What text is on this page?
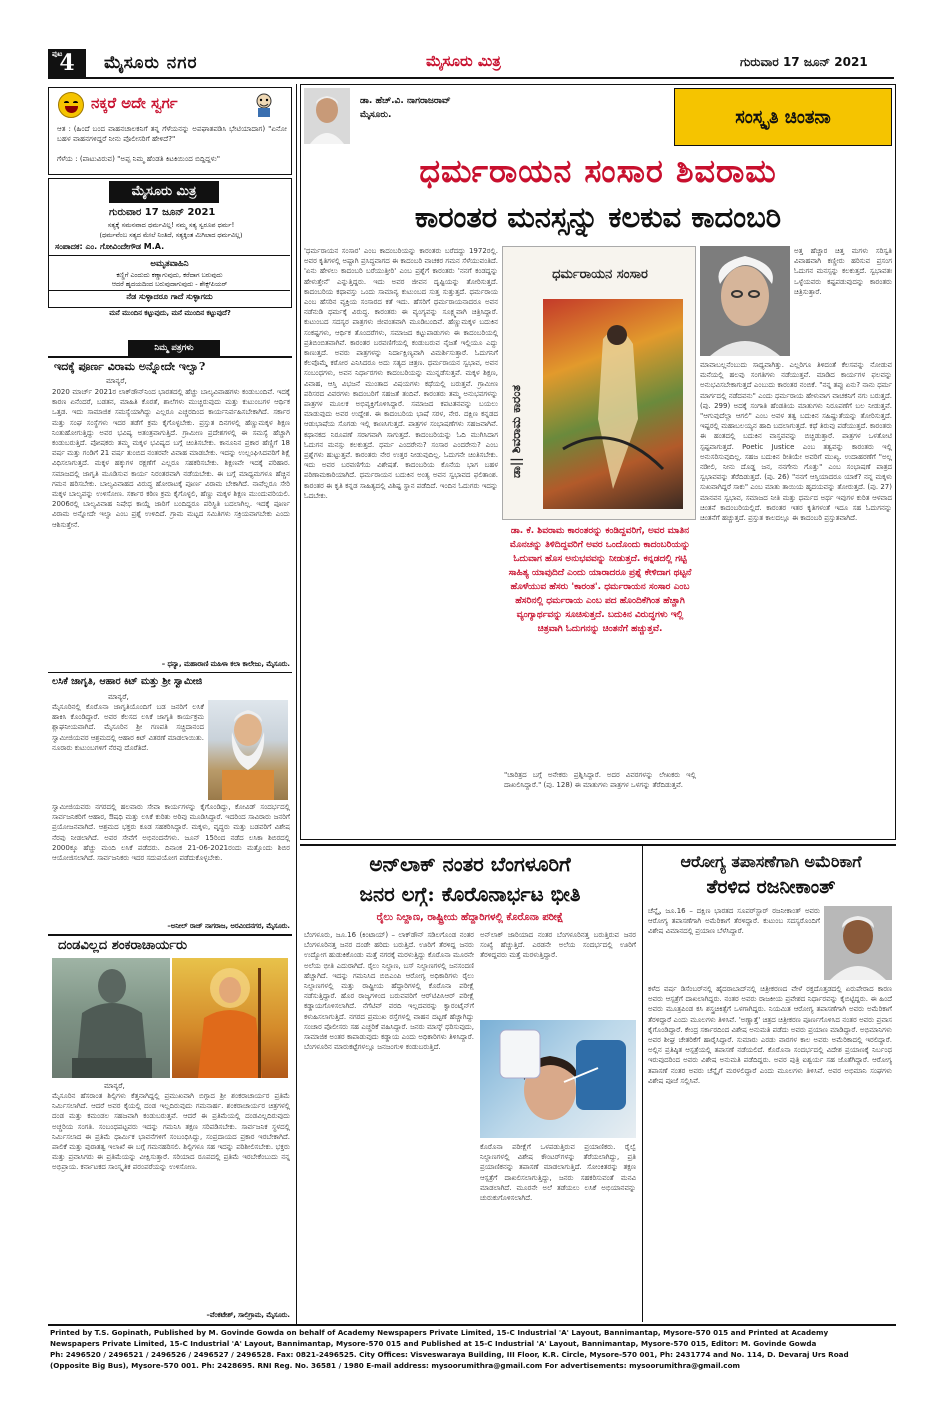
4
ಪುಟ ಮೈಸೂರು ನಗರ	ಮೈಸೂರು ಮಿತ್ರ	ಗುರುವಾರ 17 ಜೂನ್ 2021
ನಕ್ಕರೆ ಅದೇ ಸ್ವರ್ಗ
ಆತ : (ಹಿಂದೆ ಬಂದ ವಾಹನಚಾಲಕನಿಗೆ ತನ್ನ ಗೆಳೆಯನನ್ನು ಅಪಘಾತಪಡಿಸಿ ಭೇಟಿಯಾದಾಗ) "ಏನೋ ಬಹಳ ವಾಹನಗಳಿದ್ದರೆ ನೀನು ಪೊಲೀಸರಿಗೆ ಹೇಳಿದೆ?"
ಗೆಳೆಯ : (ಪಾಟುವಿರುವ) "ಅಪ್ಪ ನಿಮ್ಮ ಹೆಂಡತಿ ಕಿಟಕಿಯಿಂದ ಬಿದ್ದಿದ್ದಳು"
ಮೈಸೂರು ಮಿತ್ರ
ಗುರುವಾರ 17 ಜೂನ್ 2021
ಸತ್ಯಕ್ಕೆ ಸಮನವಾದ ಧರ್ಮವಿಲ್ಲ! ನಮ್ಮ ಸತ್ಯ ಸ್ವರೂಪ ಧರ್ಮ!
(ಧರ್ಮವೆಂಬ ಸತ್ಯದ ಮೇಲೆ ನಿಂತಿದೆ, ಸತ್ಯಕ್ಕಿಂತ ಮಿಗಿಲಾದ ಧರ್ಮವಿಲ್ಲ)
ಸಂಪಾದಕ: ಎಂ. ಗೋವಿಂದೇಗೌಡ M.A.
ಅಮೃತವಾಹಿನಿ
ಕಣ್ಣಿಗೆ ಎಂದುದು ಕಣ್ಣಾಗುವುದು, ಕರೆದಾಗ ಬರುವುದು
ಆದರೆ ಹೃದಯದಿಂದ ಬರುವುದಾಗುವುದು - ಶೇಕ್ಸ್‌ಪಿಯರ್
ನೆಡ ಸುಳ್ಳಾದರೂ ಗಾದೆ ಸುಳ್ಳಾಗದು
ಮನೆ ಮುಂದಿನ ಕಟ್ಟುವುದು, ಮನೆ ಮುಂದಿನ ಕಟ್ಟುವುದೆ?
ನಿಮ್ಮ ಪತ್ರಗಳು
ಇದಕ್ಕೆ ಪೂರ್ಣ ವಿರಾಮ ಅನ್ನೋದೇ ಇಲ್ವಾ?
ಮಾನ್ಯರೆ,
2020 ಮಾರ್ಚ್ 2021ರ ಲಾಕ್‌ಡೌನ್‌ನಿಂದ ಭಾರತದಲ್ಲಿ ಹೆಚ್ಚು ಬಾಲ್ಯವಿವಾಹಗಳು ಕಂಡುಬಂದಿವೆ. ಇದಕ್ಕೆ ಕಾರಣ ಏನೆಂದರೆ, ಬಡತನ, ಮಾಹಿತಿ ಕೊರತೆ, ಶಾಲೆಗಳು ಮುಚ್ಚಿರುವುದು ಮತ್ತು ಕುಟುಂಬಗಳ ಆರ್ಥಿಕ ಒತ್ತಡ. ಇದು ಸಾಮಾಜಿಕ ಸಮಸ್ಯೆಯಾಗಿದ್ದು ಎಲ್ಲರೂ ಎಚ್ಚರದಿಂದ ಕಾರ್ಯನಿರ್ವಹಿಸಬೇಕಾಗಿದೆ. ಸರ್ಕಾರ ಮತ್ತು ಸಂಘ ಸಂಸ್ಥೆಗಳು ಇದರ ತಡೆಗೆ ಕ್ರಮ ಕೈಗೊಳ್ಳಬೇಕು. ಪ್ರಸ್ತುತ ದಿನಗಳಲ್ಲಿ ಹೆಣ್ಣುಮಕ್ಕಳ ಶಿಕ್ಷಣ ನಿಂತುಹೋಗುತ್ತಿದ್ದು ಅವರ ಭವಿಷ್ಯ ಅತಂತ್ರವಾಗುತ್ತಿದೆ. ಗ್ರಾಮೀಣ ಪ್ರದೇಶಗಳಲ್ಲಿ ಈ ಸಮಸ್ಯೆ ಹೆಚ್ಚಾಗಿ ಕಂಡುಬರುತ್ತಿದೆ. ಪೋಷಕರು ತಮ್ಮ ಮಕ್ಕಳ ಭವಿಷ್ಯದ ಬಗ್ಗೆ ಚಿಂತಿಸಬೇಕು. ಕಾನೂನಿನ ಪ್ರಕಾರ ಹೆಣ್ಣಿಗೆ 18 ವರ್ಷ ಮತ್ತು ಗಂಡಿಗೆ 21 ವರ್ಷ ತುಂಬಿದ ನಂತರವೇ ವಿವಾಹ ಮಾಡಬೇಕು. ಇದನ್ನು ಉಲ್ಲಂಘಿಸಿದವರಿಗೆ ಶಿಕ್ಷೆ ವಿಧಿಸಲಾಗುತ್ತದೆ. ಮಕ್ಕಳ ಹಕ್ಕುಗಳ ರಕ್ಷಣೆಗೆ ಎಲ್ಲರೂ ಸಹಕರಿಸಬೇಕು. ಶಿಕ್ಷಣವೇ ಇದಕ್ಕೆ ಪರಿಹಾರ. ಸಮಾಜದಲ್ಲಿ ಜಾಗೃತಿ ಮೂಡಿಸುವ ಕಾರ್ಯ ನಿರಂತರವಾಗಿ ನಡೆಯಬೇಕು. ಈ ಬಗ್ಗೆ ಮಾಧ್ಯಮಗಳೂ ಹೆಚ್ಚಿನ ಗಮನ ಹರಿಸಬೇಕು. ಬಾಲ್ಯವಿವಾಹದ ವಿರುದ್ಧ ಹೋರಾಟಕ್ಕೆ ಪೂರ್ಣ ವಿರಾಮ ಬೇಕಾಗಿದೆ. ನಾವೆಲ್ಲರೂ ಸೇರಿ ಮಕ್ಕಳ ಬಾಲ್ಯವನ್ನು ಉಳಿಸೋಣ. ಸರ್ಕಾರ ಕಠಿಣ ಕ್ರಮ ಕೈಗೊಳ್ಳಲಿ, ಹೆಣ್ಣು ಮಕ್ಕಳ ಶಿಕ್ಷಣ ಮುಂದುವರಿಯಲಿ. 2006ರಲ್ಲಿ ಬಾಲ್ಯವಿವಾಹ ನಿಷೇಧ ಕಾಯ್ದೆ ಜಾರಿಗೆ ಬಂದಿದ್ದರೂ ಪರಿಸ್ಥಿತಿ ಬದಲಾಗಿಲ್ಲ. ಇದಕ್ಕೆ ಪೂರ್ಣ ವಿರಾಮ ಅನ್ನೋದೇ ಇಲ್ವಾ ಎಂಬ ಪ್ರಶ್ನೆ ಉಳಿದಿದೆ. ಗ್ರಾಮ ಮಟ್ಟದ ಸಮಿತಿಗಳು ಸಕ್ರಿಯವಾಗಬೇಕು ಎಂದು ಆಶಿಸುತ್ತೇನೆ.
– ಧನ್ಯಾ, ಮಹಾರಾಣಿ ಮಹಿಳಾ ಕಲಾ ಕಾಲೇಜು, ಮೈಸೂರು.
ಲಸಿಕೆ ಜಾಗೃತಿ, ಆಹಾರ ಕಿಟ್ ಮತ್ತು ಶ್ರೀ ಸ್ವಾಮೀಜಿ
ಮಾನ್ಯರೆ,
ಮೈಸೂರಿನಲ್ಲಿ ಕೊರೊನಾ ಜಾಗೃತಿಯೊಂದಿಗೆ ಬಡ ಜನರಿಗೆ ಲಸಿಕೆ ಹಾಕಿಸಿ ಕೊಂಡಿದ್ದಾರೆ. ಅವರ ಕೆಲಸದ ಲಸಿಕೆ ಜಾಗೃತಿ ಕಾರ್ಯಕ್ರಮ ಶ್ಲಾಘನೀಯವಾಗಿದೆ. ಮೈಸೂರಿನ ಶ್ರೀ ಗಣಪತಿ ಸಚ್ಚಿದಾನಂದ ಸ್ವಾಮೀಜಿಯವರ ಆಶ್ರಮದಲ್ಲಿ ಆಹಾರ ಕಿಟ್ ವಿತರಣೆ ಮಾಡಲಾಯಿತು. ನೂರಾರು ಕುಟುಂಬಗಳಿಗೆ ನೆರವು ದೊರೆತಿದೆ.
ಸ್ವಾಮೀಜಿಯವರು ನಗರದಲ್ಲಿ ಹಲವಾರು ಸೇವಾ ಕಾರ್ಯಗಳನ್ನು ಕೈಗೊಂಡಿದ್ದು, ಕೋವಿಡ್ ಸಂದರ್ಭದಲ್ಲಿ ಸಾರ್ವಜನಿಕರಿಗೆ ಆಹಾರ, ಔಷಧಿ ಮತ್ತು ಲಸಿಕೆ ಕುರಿತು ಅರಿವು ಮೂಡಿಸಿದ್ದಾರೆ. ಇದರಿಂದ ಸಾವಿರಾರು ಜನರಿಗೆ ಪ್ರಯೋಜನವಾಗಿದೆ. ಆಶ್ರಮದ ಭಕ್ತರು ಕೂಡ ಸಹಕರಿಸಿದ್ದಾರೆ. ಮಕ್ಕಳು, ವೃದ್ಧರು ಮತ್ತು ಬಡವರಿಗೆ ವಿಶೇಷ ನೆರವು ನೀಡಲಾಗಿದೆ. ಅವರ ಸೇವೆಗೆ ಅಭಿನಂದನೆಗಳು. ಜೂನ್ 15ರಿಂದ ನಡೆದ ಲಸಿಕಾ ಶಿಬಿರದಲ್ಲಿ 2000ಕ್ಕೂ ಹೆಚ್ಚು ಮಂದಿ ಲಸಿಕೆ ಪಡೆದರು. ದಿನಾಂಕ 21-06-2021ರಂದು ಮತ್ತೊಂದು ಶಿಬಿರ ಆಯೋಜಿಸಲಾಗಿದೆ. ಸಾರ್ವಜನಿಕರು ಇದರ ಸದುಪಯೋಗ ಪಡೆದುಕೊಳ್ಳಬೇಕು.
–ಅನೀಲ್ ರಾಜ್ ನಾಗರಾಜ, ಅರವಿಂದನಗರ, ಮೈಸೂರು.
ದಂಡವಿಲ್ಲದ ಶಂಕರಾಚಾರ್ಯರು
ಮಾನ್ಯರೆ,
ಮೈಸೂರಿನ ಹೆಸರಾಂತ ಶಿಲ್ಪಿಗಳು ಕೆತ್ತನಾಗಿದ್ದಲ್ಲಿ ಪ್ರಮುಖವಾಗಿ ಬಿಗ್ಗಾದ ಶ್ರೀ ಶಂಕರಾಚಾರ್ಯರ ಪ್ರತಿಮೆ ನಿರ್ಮಿಸಲಾಗಿದೆ. ಆದರೆ ಅವರ ಕೈಯಲ್ಲಿ ದಂಡ ಇಲ್ಲದಿರುವುದು ಗಮನಾರ್ಹ. ಶಂಕರಾಚಾರ್ಯರ ಚಿತ್ರಗಳಲ್ಲಿ ದಂಡ ಮತ್ತು ಕಮಂಡಲ ಸಹಜವಾಗಿ ಕಂಡುಬರುತ್ತವೆ. ಆದರೆ ಈ ಪ್ರತಿಮೆಯಲ್ಲಿ ದಂಡವಿಲ್ಲದಿರುವುದು ಅಚ್ಚರಿಯ ಸಂಗತಿ. ಸಂಬಂಧಪಟ್ಟವರು ಇದನ್ನು ಗಮನಿಸಿ ತಕ್ಷಣ ಸರಿಪಡಿಸಬೇಕು. ಸಾರ್ವಜನಿಕ ಸ್ಥಳದಲ್ಲಿ ನಿರ್ಮಿಸಲಾದ ಈ ಪ್ರತಿಮೆ ಧಾರ್ಮಿಕ ಭಾವನೆಗಳಿಗೆ ಸಂಬಂಧಿಸಿದ್ದು, ಸಂಪ್ರದಾಯದ ಪ್ರಕಾರ ಇರಬೇಕಾಗಿದೆ. ಪಾಲಿಕೆ ಮತ್ತು ಪುರಾತತ್ವ ಇಲಾಖೆ ಈ ಬಗ್ಗೆ ಗಮನಹರಿಸಲಿ. ಶಿಲ್ಪಿಗಳೂ ಸಹ ಇದನ್ನು ಪರಿಶೀಲಿಸಬೇಕು. ಭಕ್ತರು ಮತ್ತು ಪ್ರವಾಸಿಗರು ಈ ಪ್ರತಿಮೆಯನ್ನು ವೀಕ್ಷಿಸುತ್ತಾರೆ. ಸರಿಯಾದ ರೂಪದಲ್ಲಿ ಪ್ರತಿಮೆ ಇರಬೇಕೆಂಬುದು ನನ್ನ ಅಭಿಪ್ರಾಯ. ಕರ್ನಾಟಕದ ಸಾಂಸ್ಕೃತಿಕ ಪರಂಪರೆಯನ್ನು ಉಳಿಸೋಣ.
–ವೆಂಕಟೇಶ್, ಸಾಲಿಗ್ರಾಮ, ಮೈಸೂರು.
ಡಾ. ಹೆಚ್.ವಿ. ನಾಗರಾಜರಾವ್
ಮೈಸೂರು.	ಸಂಸ್ಕೃತಿ ಚಿಂತನಾ
ಧರ್ಮರಾಯನ ಸಂಸಾರ ಶಿವರಾಮ
ಕಾರಂತರ ಮನಸ್ಸನ್ನು ಕಲಕುವ ಕಾದಂಬರಿ
'ಧರ್ಮರಾಯನ ಸಂಸಾರ' ಎಂಬ ಕಾದಂಬರಿಯನ್ನು ಕಾರಂತರು ಬರೆದದ್ದು 1972ರಲ್ಲಿ. ಅವರ ಕೃತಿಗಳಲ್ಲಿ ಅಷ್ಟಾಗಿ ಪ್ರಸಿದ್ಧವಾಗದ ಈ ಕಾದಂಬರಿ ವಾಚಕರ ಗಮನ ಸೆಳೆಯುವಂತಿದೆ. 'ಏನು ಹೇಳಲು ಕಾದಂಬರಿ ಬರೆಯುತ್ತೀರಿ' ಎಂಬ ಪ್ರಶ್ನೆಗೆ ಕಾರಂತರು 'ನನಗೆ ಕಂಡದ್ದನ್ನು ಹೇಳುತ್ತೇನೆ' ಎನ್ನುತ್ತಿದ್ದರು. ಇದು ಅವರ ಜೀವನ ದೃಷ್ಟಿಯನ್ನು ತೋರಿಸುತ್ತದೆ. ಕಾದಂಬರಿಯ ಕಥಾವಸ್ತು ಒಂದು ಸಾಮಾನ್ಯ ಕುಟುಂಬದ ಸುತ್ತ ಸುತ್ತುತ್ತದೆ. ಧರ್ಮರಾಯ ಎಂಬ ಹೆಸರಿನ ವ್ಯಕ್ತಿಯ ಸಂಸಾರದ ಕತೆ ಇದು. ಹೆಸರಿಗೆ ಧರ್ಮರಾಯನಾದರೂ ಅವನ ನಡೆನುಡಿ ಧರ್ಮಕ್ಕೆ ವಿರುದ್ಧ. ಕಾರಂತರು ಈ ವ್ಯಂಗ್ಯವನ್ನು ಸೂಕ್ಷ್ಮವಾಗಿ ಚಿತ್ರಿಸಿದ್ದಾರೆ. ಕುಟುಂಬದ ಸದಸ್ಯರ ಪಾತ್ರಗಳು ಜೀವಂತವಾಗಿ ಮೂಡಿಬಂದಿವೆ. ಹೆಣ್ಣುಮಕ್ಕಳ ಬದುಕಿನ ಸಂಕಷ್ಟಗಳು, ಆರ್ಥಿಕ ತೊಂದರೆಗಳು, ಸಮಾಜದ ಕಟ್ಟುಪಾಡುಗಳು ಈ ಕಾದಂಬರಿಯಲ್ಲಿ ಪ್ರತಿಬಿಂಬಿತವಾಗಿವೆ. ಕಾರಂತರ ಬರವಣಿಗೆಯಲ್ಲಿ ಕಂಡುಬರುವ ನೈಜತೆ ಇಲ್ಲಿಯೂ ಎದ್ದು ಕಾಣುತ್ತದೆ. ಅವರು ಪಾತ್ರಗಳನ್ನು ನಿರ್ದಾಕ್ಷಿಣ್ಯವಾಗಿ ವಿಮರ್ಶಿಸುತ್ತಾರೆ. ಓದುಗನಿಗೆ ಕೆಲವೊಮ್ಮೆ ಕಠೋರ ಎನಿಸಿದರೂ ಅದು ಸತ್ಯದ ಚಿತ್ರಣ. ಧರ್ಮರಾಯನ ಸ್ವಭಾವ, ಅವನ ಸಂಬಂಧಗಳು, ಅವನ ನಿರ್ಧಾರಗಳು ಕಾದಂಬರಿಯನ್ನು ಮುನ್ನಡೆಸುತ್ತವೆ. ಮಕ್ಕಳ ಶಿಕ್ಷಣ, ವಿವಾಹ, ಆಸ್ತಿ ವಿಭಜನೆ ಮುಂತಾದ ವಿಷಯಗಳು ಕಥೆಯಲ್ಲಿ ಬರುತ್ತವೆ. ಗ್ರಾಮೀಣ ಪರಿಸರದ ವಿವರಗಳು ಕಾದಂಬರಿಗೆ ಸಹಜತೆ ತಂದಿವೆ. ಕಾರಂತರು ತಮ್ಮ ಅನುಭವಗಳನ್ನು ಪಾತ್ರಗಳ ಮೂಲಕ ಅಭಿವ್ಯಕ್ತಿಗೊಳಿಸಿದ್ದಾರೆ. ಸಮಾಜದ ಕಪಟತನವನ್ನು ಬಯಲು ಮಾಡುವುದು ಅವರ ಉದ್ದೇಶ. ಈ ಕಾದಂಬರಿಯ ಭಾಷೆ ಸರಳ, ನೇರ. ದಕ್ಷಿಣ ಕನ್ನಡದ ಆಡುಭಾಷೆಯ ಸೊಗಡು ಇಲ್ಲಿ ಕಾಣಸಿಗುತ್ತದೆ. ಪಾತ್ರಗಳ ಸಂಭಾಷಣೆಗಳು ಸಹಜವಾಗಿವೆ. ಕಥಾನಕದ ನಿರೂಪಣೆ ಸರಾಗವಾಗಿ ಸಾಗುತ್ತದೆ. ಕಾದಂಬರಿಯನ್ನು ಓದಿ ಮುಗಿಸಿದಾಗ ಓದುಗನ ಮನಸ್ಸು ಕಲಕುತ್ತದೆ. ಧರ್ಮ ಎಂದರೇನು? ಸಂಸಾರ ಎಂದರೇನು? ಎಂಬ ಪ್ರಶ್ನೆಗಳು ಹುಟ್ಟುತ್ತವೆ. ಕಾರಂತರು ನೇರ ಉತ್ತರ ನೀಡುವುದಿಲ್ಲ. ಓದುಗನೇ ಚಿಂತಿಸಬೇಕು. ಇದು ಅವರ ಬರವಣಿಗೆಯ ವಿಶೇಷತೆ. ಕಾದಂಬರಿಯ ಕೊನೆಯ ಭಾಗ ಬಹಳ ಪರಿಣಾಮಕಾರಿಯಾಗಿದೆ. ಧರ್ಮರಾಯನ ಬದುಕಿನ ಅಂತ್ಯ ಅವನ ಸ್ವಭಾವದ ಫಲಿತಾಂಶ. ಕಾರಂತರ ಈ ಕೃತಿ ಕನ್ನಡ ಸಾಹಿತ್ಯದಲ್ಲಿ ವಿಶಿಷ್ಟ ಸ್ಥಾನ ಪಡೆದಿದೆ. ಇಂದಿನ ಓದುಗರು ಇದನ್ನು ಓದಬೇಕು.
ಧರ್ಮರಾಯನ ಸಂಸಾರ
ಡಾ|| ಶಿವರಾಮ ಕಾರಂತ
ಅತ್ತ ಹೆಚ್ಚಾರ ಚಿತ್ತ ಮಗಳು ಸರಿಸ್ವತಿ ವಿವಾಹವಾಗಿ ಕಣ್ಣೀರು ಹರಿಸುವ ಪ್ರಸಂಗ ಓದುಗನ ಮನಸ್ಸನ್ನು ಕಲಕುತ್ತದೆ. ಸ್ವಭಾವತಃ ಒಳ್ಳೆಯವರು ಕಷ್ಟಪಡುವುದನ್ನು ಕಾರಂತರು ಚಿತ್ರಿಸುತ್ತಾರೆ.
ಮಾವಾಬಲ್ಲನೆಂಬುದು ಸಾಧ್ಯವಾಗಿತ್ತು. ಎಲ್ಲರಿಗೂ ತಿಳಿದಂತೆ ಕೆಲಸವನ್ನು ನೋಡುವ ಮನೆಯಲ್ಲಿ ಹಲವು ಸಂಗತಿಗಳು ನಡೆಯುತ್ತವೆ. ಮಾಡಿದ ಕಾರ್ಯಗಳ ಫಲವನ್ನು ಅನುಭವಿಸಬೇಕಾಗುತ್ತದೆ ಎಂಬುದು ಕಾರಂತರ ನಂಬಿಕೆ. "ನನ್ನ ತಪ್ಪು ಏನು? ನಾನು ಧರ್ಮ ಮಾರ್ಗದಲ್ಲಿ ನಡೆದವನು" ಎಂದು ಧರ್ಮರಾಯ ಹೇಳುವಾಗ ವಾಚಕನಿಗೆ ನಗು ಬರುತ್ತದೆ. (ಪು. 299) ಅದಕ್ಕೆ ಸಂಗಾತಿ ಹೆಂಡತಿಯ ಮಾತುಗಳು ನಿರೂಪಣೆಗೆ ಬಲ ನೀಡುತ್ತವೆ. "ಆಗುವುದೆಲ್ಲಾ ಆಗಲಿ" ಎಂಬ ಅವಳ ತತ್ವ ಬದುಕಿನ ಸಹಿಷ್ಣುತೆಯನ್ನು ತೋರಿಸುತ್ತದೆ. ಇಷ್ಟರಲ್ಲಿ ಮಹಾಬಲಯ್ಯನ ಹಾದಿ ಬದಲಾಗುತ್ತದೆ. ಕಥೆ ತಿರುವು ಪಡೆಯುತ್ತದೆ. ಕಾರಂತರು ಈ ಹಂತದಲ್ಲಿ ಬದುಕಿನ ವಾಸ್ತವವನ್ನು ಬಿಚ್ಚಿಡುತ್ತಾರೆ. ಪಾತ್ರಗಳ ಒಳತೋಟಿ ಸ್ಪಷ್ಟವಾಗುತ್ತದೆ. Poetic Justice ಎಂಬ ತತ್ವವನ್ನು ಕಾರಂತರು ಇಲ್ಲಿ ಅನುಸರಿಸುವುದಿಲ್ಲ. ಸಹಜ ಬದುಕಿನ ರೀತಿಯೇ ಅವರಿಗೆ ಮುಖ್ಯ. ಉದಾಹರಣೆಗೆ "ಅಲ್ಲ ನಡೀಲಿ, ನೀನು ದೊಡ್ಡ ಜನ, ನನಗೇನು ಗೊತ್ತು" ಎಂಬ ಸಂಭಾಷಣೆ ಪಾತ್ರದ ಸ್ವಭಾವವನ್ನು ತೆರೆದಿಡುತ್ತದೆ. (ಪು. 26) "ನನಗೆ ಆಸ್ತಿಯಾದರೂ ಯಾಕೆ? ನನ್ನ ಮಕ್ಕಳು ಸುಖವಾಗಿದ್ದರೆ ಸಾಕು" ಎಂಬ ಮಾತು ತಾಯಿಯ ಹೃದಯವನ್ನು ತೋರುತ್ತದೆ. (ಪು. 27) ಮಾನವನ ಸ್ವಭಾವ, ಸಮಾಜದ ನೀತಿ ಮತ್ತು ಧರ್ಮದ ಅರ್ಥ ಇವುಗಳ ಕುರಿತ ಆಳವಾದ ಚಿಂತನೆ ಕಾದಂಬರಿಯಲ್ಲಿದೆ. ಕಾರಂತರ ಇತರ ಕೃತಿಗಳಂತೆ ಇದೂ ಸಹ ಓದುಗನನ್ನು ಚಿಂತನೆಗೆ ಹಚ್ಚುತ್ತದೆ. ಪ್ರಸ್ತುತ ಕಾಲದಲ್ಲೂ ಈ ಕಾದಂಬರಿ ಪ್ರಸ್ತುತವಾಗಿದೆ.
ಡಾ. ಕೆ. ಶಿವರಾಮ ಕಾರಂತರನ್ನು ಕಂಡಿದ್ದವರಿಗೆ, ಅವರ ಮಾತಿನ ಮೊನಚನ್ನು ತಿಳಿದಿದ್ದವರಿಗೆ ಅವರ ಒಂದೊಂದು ಕಾದಂಬರಿಯನ್ನು ಓದುವಾಗ ಹೊಸ ಅನುಭವವನ್ನು ನೀಡುತ್ತದೆ. ಕನ್ನಡದಲ್ಲಿ ಗಟ್ಟಿ ಸಾಹಿತ್ಯ ಯಾವುದಿದೆ ಎಂದು ಯಾರಾದರೂ ಪ್ರಶ್ನೆ ಕೇಳಿದಾಗ ಥಟ್ಟನೆ ಹೊಳೆಯುವ ಹೆಸರು 'ಕಾರಂತ'. ಧರ್ಮರಾಯನ ಸಂಸಾರ ಎಂಬ ಹೆಸರಿನಲ್ಲಿ ಧರ್ಮರಾಯ ಎಂಬ ಪದ ಹೊಂದಿಕೆಗಿಂತ ಹೆಚ್ಚಾಗಿ ವ್ಯಂಗ್ಯಾರ್ಥವನ್ನು ಸೂಚಿಸುತ್ತದೆ. ಬದುಕಿನ ವಿರುದ್ಧಗಳು ಇಲ್ಲಿ ಚಿತ್ರವಾಗಿ ಓದುಗನನ್ನು ಚಿಂತನೆಗೆ ಹಚ್ಚುತ್ತವೆ.
"ಚಾರಿತ್ರದ ಬಗ್ಗೆ ಅನೇಕರು ಪ್ರಶ್ನಿಸಿದ್ದಾರೆ. ಅದರ ವಿವರಗಳನ್ನು ಲೇಖಕರು ಇಲ್ಲಿ ದಾಖಲಿಸಿದ್ದಾರೆ." (ಪು. 128) ಈ ಮಾತುಗಳು ಪಾತ್ರಗಳ ಒಳಗನ್ನು ತೆರೆದಿಡುತ್ತವೆ.
ಅನ್‌ಲಾಕ್ ನಂತರ ಬೆಂಗಳೂರಿಗೆ
ಜನರ ಲಗ್ಗೆ: ಕೊರೊನಾರ್ಭಟ ಭೀತಿ
ರೈಲು ನಿಲ್ದಾಣ, ರಾಷ್ಟ್ರೀಯ ಹೆದ್ದಾರಿಗಳಲ್ಲಿ ಕೊರೊನಾ ಪರೀಕ್ಷೆ
ಬೆಂಗಳೂರು, ಜೂ.16 (ಕಿಂಟಾಯ್) – ಲಾಕ್‌ಡೌನ್ ಸಡಿಲಗೊಂಡ ನಂತರ ಬೆಂಗಳೂರಿನತ್ತ ಜನರ ದಂಡೇ ಹರಿದು ಬರುತ್ತಿದೆ. ಊರಿಗೆ ತೆರಳಿದ್ದ ಜನರು ಉದ್ಯೋಗ ಹುಡುಕಿಕೊಂಡು ಮತ್ತೆ ನಗರಕ್ಕೆ ಮರಳುತ್ತಿದ್ದು ಕೊರೊನಾ ಮೂರನೇ ಅಲೆಯ ಭೀತಿ ಎದುರಾಗಿದೆ. ರೈಲು ನಿಲ್ದಾಣ, ಬಸ್ ನಿಲ್ದಾಣಗಳಲ್ಲಿ ಜನಸಂದಣಿ ಹೆಚ್ಚಾಗಿದೆ. ಇದನ್ನು ಗಮನಿಸಿದ ಬಿಬಿಎಂಪಿ ಆರೋಗ್ಯ ಅಧಿಕಾರಿಗಳು ರೈಲು ನಿಲ್ದಾಣಗಳಲ್ಲಿ ಮತ್ತು ರಾಷ್ಟ್ರೀಯ ಹೆದ್ದಾರಿಗಳಲ್ಲಿ ಕೊರೊನಾ ಪರೀಕ್ಷೆ ನಡೆಸುತ್ತಿದ್ದಾರೆ. ಹೊರ ರಾಜ್ಯಗಳಿಂದ ಬರುವವರಿಗೆ ಆರ್‌ಟಿಪಿಸಿಆರ್ ಪರೀಕ್ಷೆ ಕಡ್ಡಾಯಗೊಳಿಸಲಾಗಿದೆ. ನೆಗೆಟಿವ್ ವರದಿ ಇಲ್ಲದವರನ್ನು ಕ್ವಾರಂಟೈನ್‌ಗೆ ಕಳುಹಿಸಲಾಗುತ್ತಿದೆ. ನಗರದ ಪ್ರಮುಖ ರಸ್ತೆಗಳಲ್ಲಿ ವಾಹನ ದಟ್ಟಣೆ ಹೆಚ್ಚಾಗಿದ್ದು ಸಂಚಾರ ಪೊಲೀಸರು ಸಹ ಎಚ್ಚರಿಕೆ ವಹಿಸಿದ್ದಾರೆ. ಜನರು ಮಾಸ್ಕ್ ಧರಿಸುವುದು, ಸಾಮಾಜಿಕ ಅಂತರ ಕಾಪಾಡುವುದು ಕಡ್ಡಾಯ ಎಂದು ಅಧಿಕಾರಿಗಳು ತಿಳಿಸಿದ್ದಾರೆ. ಬೆಂಗಳೂರಿನ ಮಾರುಕಟ್ಟೆಗಳಲ್ಲೂ ಜನಜಂಗುಳಿ ಕಂಡುಬರುತ್ತಿದೆ.
ಅನ್‌ಲಾಕ್ ಜಾರಿಯಾದ ನಂತರ ಬೆಂಗಳೂರಿನತ್ತ ಬರುತ್ತಿರುವ ಜನರ ಸಂಖ್ಯೆ ಹೆಚ್ಚುತ್ತಿದೆ. ಎರಡನೇ ಅಲೆಯ ಸಂದರ್ಭದಲ್ಲಿ ಊರಿಗೆ ತೆರಳಿದ್ದವರು ಮತ್ತೆ ಮರಳುತ್ತಿದ್ದಾರೆ.
ಕೊರೊನಾ ಪರೀಕ್ಷೆಗೆ ಒಳಪಡುತ್ತಿರುವ ಪ್ರಯಾಣಿಕರು. ರೈಲ್ವೆ ನಿಲ್ದಾಣಗಳಲ್ಲಿ ವಿಶೇಷ ಕೌಂಟರ್‌ಗಳನ್ನು ತೆರೆಯಲಾಗಿದ್ದು, ಪ್ರತಿ ಪ್ರಯಾಣಿಕನನ್ನು ತಪಾಸಣೆ ಮಾಡಲಾಗುತ್ತಿದೆ. ಸೋಂಕಿತರನ್ನು ತಕ್ಷಣ ಆಸ್ಪತ್ರೆಗೆ ದಾಖಲಿಸಲಾಗುತ್ತಿದ್ದು, ಜನರು ಸಹಕರಿಸುವಂತೆ ಮನವಿ ಮಾಡಲಾಗಿದೆ. ಮೂರನೇ ಅಲೆ ತಡೆಯಲು ಲಸಿಕೆ ಅಭಿಯಾನವನ್ನು ಚುರುಕುಗೊಳಿಸಲಾಗಿದೆ.
ಆರೋಗ್ಯ ತಪಾಸಣೆಗಾಗಿ ಅಮೆರಿಕಾಗೆ
ತೆರಳಿದ ರಜನೀಕಾಂತ್
ಚೆನ್ನೈ, ಜೂ.16 – ದಕ್ಷಿಣ ಭಾರತದ ಸೂಪರ್‌ಸ್ಟಾರ್ ರಜನೀಕಾಂತ್ ಅವರು ಆರೋಗ್ಯ ತಪಾಸಣೆಗಾಗಿ ಅಮೆರಿಕಾಗೆ ತೆರಳಿದ್ದಾರೆ. ಕುಟುಂಬ ಸದಸ್ಯರೊಂದಿಗೆ ವಿಶೇಷ ವಿಮಾನದಲ್ಲಿ ಪ್ರಯಾಣ ಬೆಳೆಸಿದ್ದಾರೆ.
ಕಳೆದ ವರ್ಷ ಡಿಸೆಂಬರ್‌ನಲ್ಲಿ ಹೈದರಾಬಾದ್‌ನಲ್ಲಿ ಚಿತ್ರೀಕರಣದ ವೇಳೆ ರಕ್ತದೊತ್ತಡದಲ್ಲಿ ಏರುಪೇರಾದ ಕಾರಣ ಅವರು ಆಸ್ಪತ್ರೆಗೆ ದಾಖಲಾಗಿದ್ದರು. ನಂತರ ಅವರು ರಾಜಕೀಯ ಪ್ರವೇಶದ ನಿರ್ಧಾರವನ್ನು ಕೈಬಿಟ್ಟಿದ್ದರು. ಈ ಹಿಂದೆ ಅವರು ಮೂತ್ರಪಿಂಡ ಕಸಿ ಶಸ್ತ್ರಚಿಕಿತ್ಸೆಗೆ ಒಳಗಾಗಿದ್ದರು. ನಿಯಮಿತ ಆರೋಗ್ಯ ತಪಾಸಣೆಗಾಗಿ ಅವರು ಅಮೆರಿಕಾಗೆ ತೆರಳಿದ್ದಾರೆ ಎಂದು ಮೂಲಗಳು ತಿಳಿಸಿವೆ. 'ಅಣ್ಣಾತ್ತೆ' ಚಿತ್ರದ ಚಿತ್ರೀಕರಣ ಪೂರ್ಣಗೊಳಿಸಿದ ನಂತರ ಅವರು ಪ್ರವಾಸ ಕೈಗೊಂಡಿದ್ದಾರೆ. ಕೇಂದ್ರ ಸರ್ಕಾರದಿಂದ ವಿಶೇಷ ಅನುಮತಿ ಪಡೆದು ಅವರು ಪ್ರಯಾಣ ಮಾಡಿದ್ದಾರೆ. ಅಭಿಮಾನಿಗಳು ಅವರ ಶೀಘ್ರ ಚೇತರಿಕೆಗೆ ಹಾರೈಸಿದ್ದಾರೆ. ಸುಮಾರು ಎರಡು ವಾರಗಳ ಕಾಲ ಅವರು ಅಮೆರಿಕಾದಲ್ಲಿ ಇರಲಿದ್ದಾರೆ. ಅಲ್ಲಿನ ಪ್ರತಿಷ್ಠಿತ ಆಸ್ಪತ್ರೆಯಲ್ಲಿ ತಪಾಸಣೆ ನಡೆಯಲಿದೆ. ಕೊರೊನಾ ಸಂದರ್ಭದಲ್ಲಿ ವಿದೇಶ ಪ್ರಯಾಣಕ್ಕೆ ನಿರ್ಬಂಧ ಇರುವುದರಿಂದ ಅವರು ವಿಶೇಷ ಅನುಮತಿ ಪಡೆದಿದ್ದರು. ಅವರ ಪುತ್ರಿ ಐಶ್ವರ್ಯ ಸಹ ಜೊತೆಗಿದ್ದಾರೆ. ಆರೋಗ್ಯ ತಪಾಸಣೆ ನಂತರ ಅವರು ಚೆನ್ನೈಗೆ ಮರಳಲಿದ್ದಾರೆ ಎಂದು ಮೂಲಗಳು ತಿಳಿಸಿವೆ. ಅವರ ಅಭಿಮಾನಿ ಸಂಘಗಳು ವಿಶೇಷ ಪೂಜೆ ಸಲ್ಲಿಸಿವೆ.
Printed by T.S. Gopinath, Published by M. Govinde Gowda on behalf of Academy Newspapers Private Limited, 15-C Industrial 'A' Layout, Bannimantap, Mysore-570 015 and Printed at Academy
Newspapers Private Limited, 15-C Industrial 'A' Layout, Bannimantap, Mysore-570 015 and Published at 15-C Industrial 'A' Layout, Bannimantap, Mysore-570 015, Editor: M. Govinde Gowda
Ph: 2496520 / 2496521 / 2496526 / 2496527 / 2496528. Fax: 0821-2496525. City Offices: Visveswaraya Building, III Floor, K.R. Circle, Mysore-570 001, Ph: 2431774 and No. 114, D. Devaraj Urs Road
(Opposite Big Bus), Mysore-570 001. Ph: 2428695. RNI Reg. No. 36581 / 1980 E-mail address: mysoorumithra@gmail.com For advertisements: mysoorumithra@gmail.com
